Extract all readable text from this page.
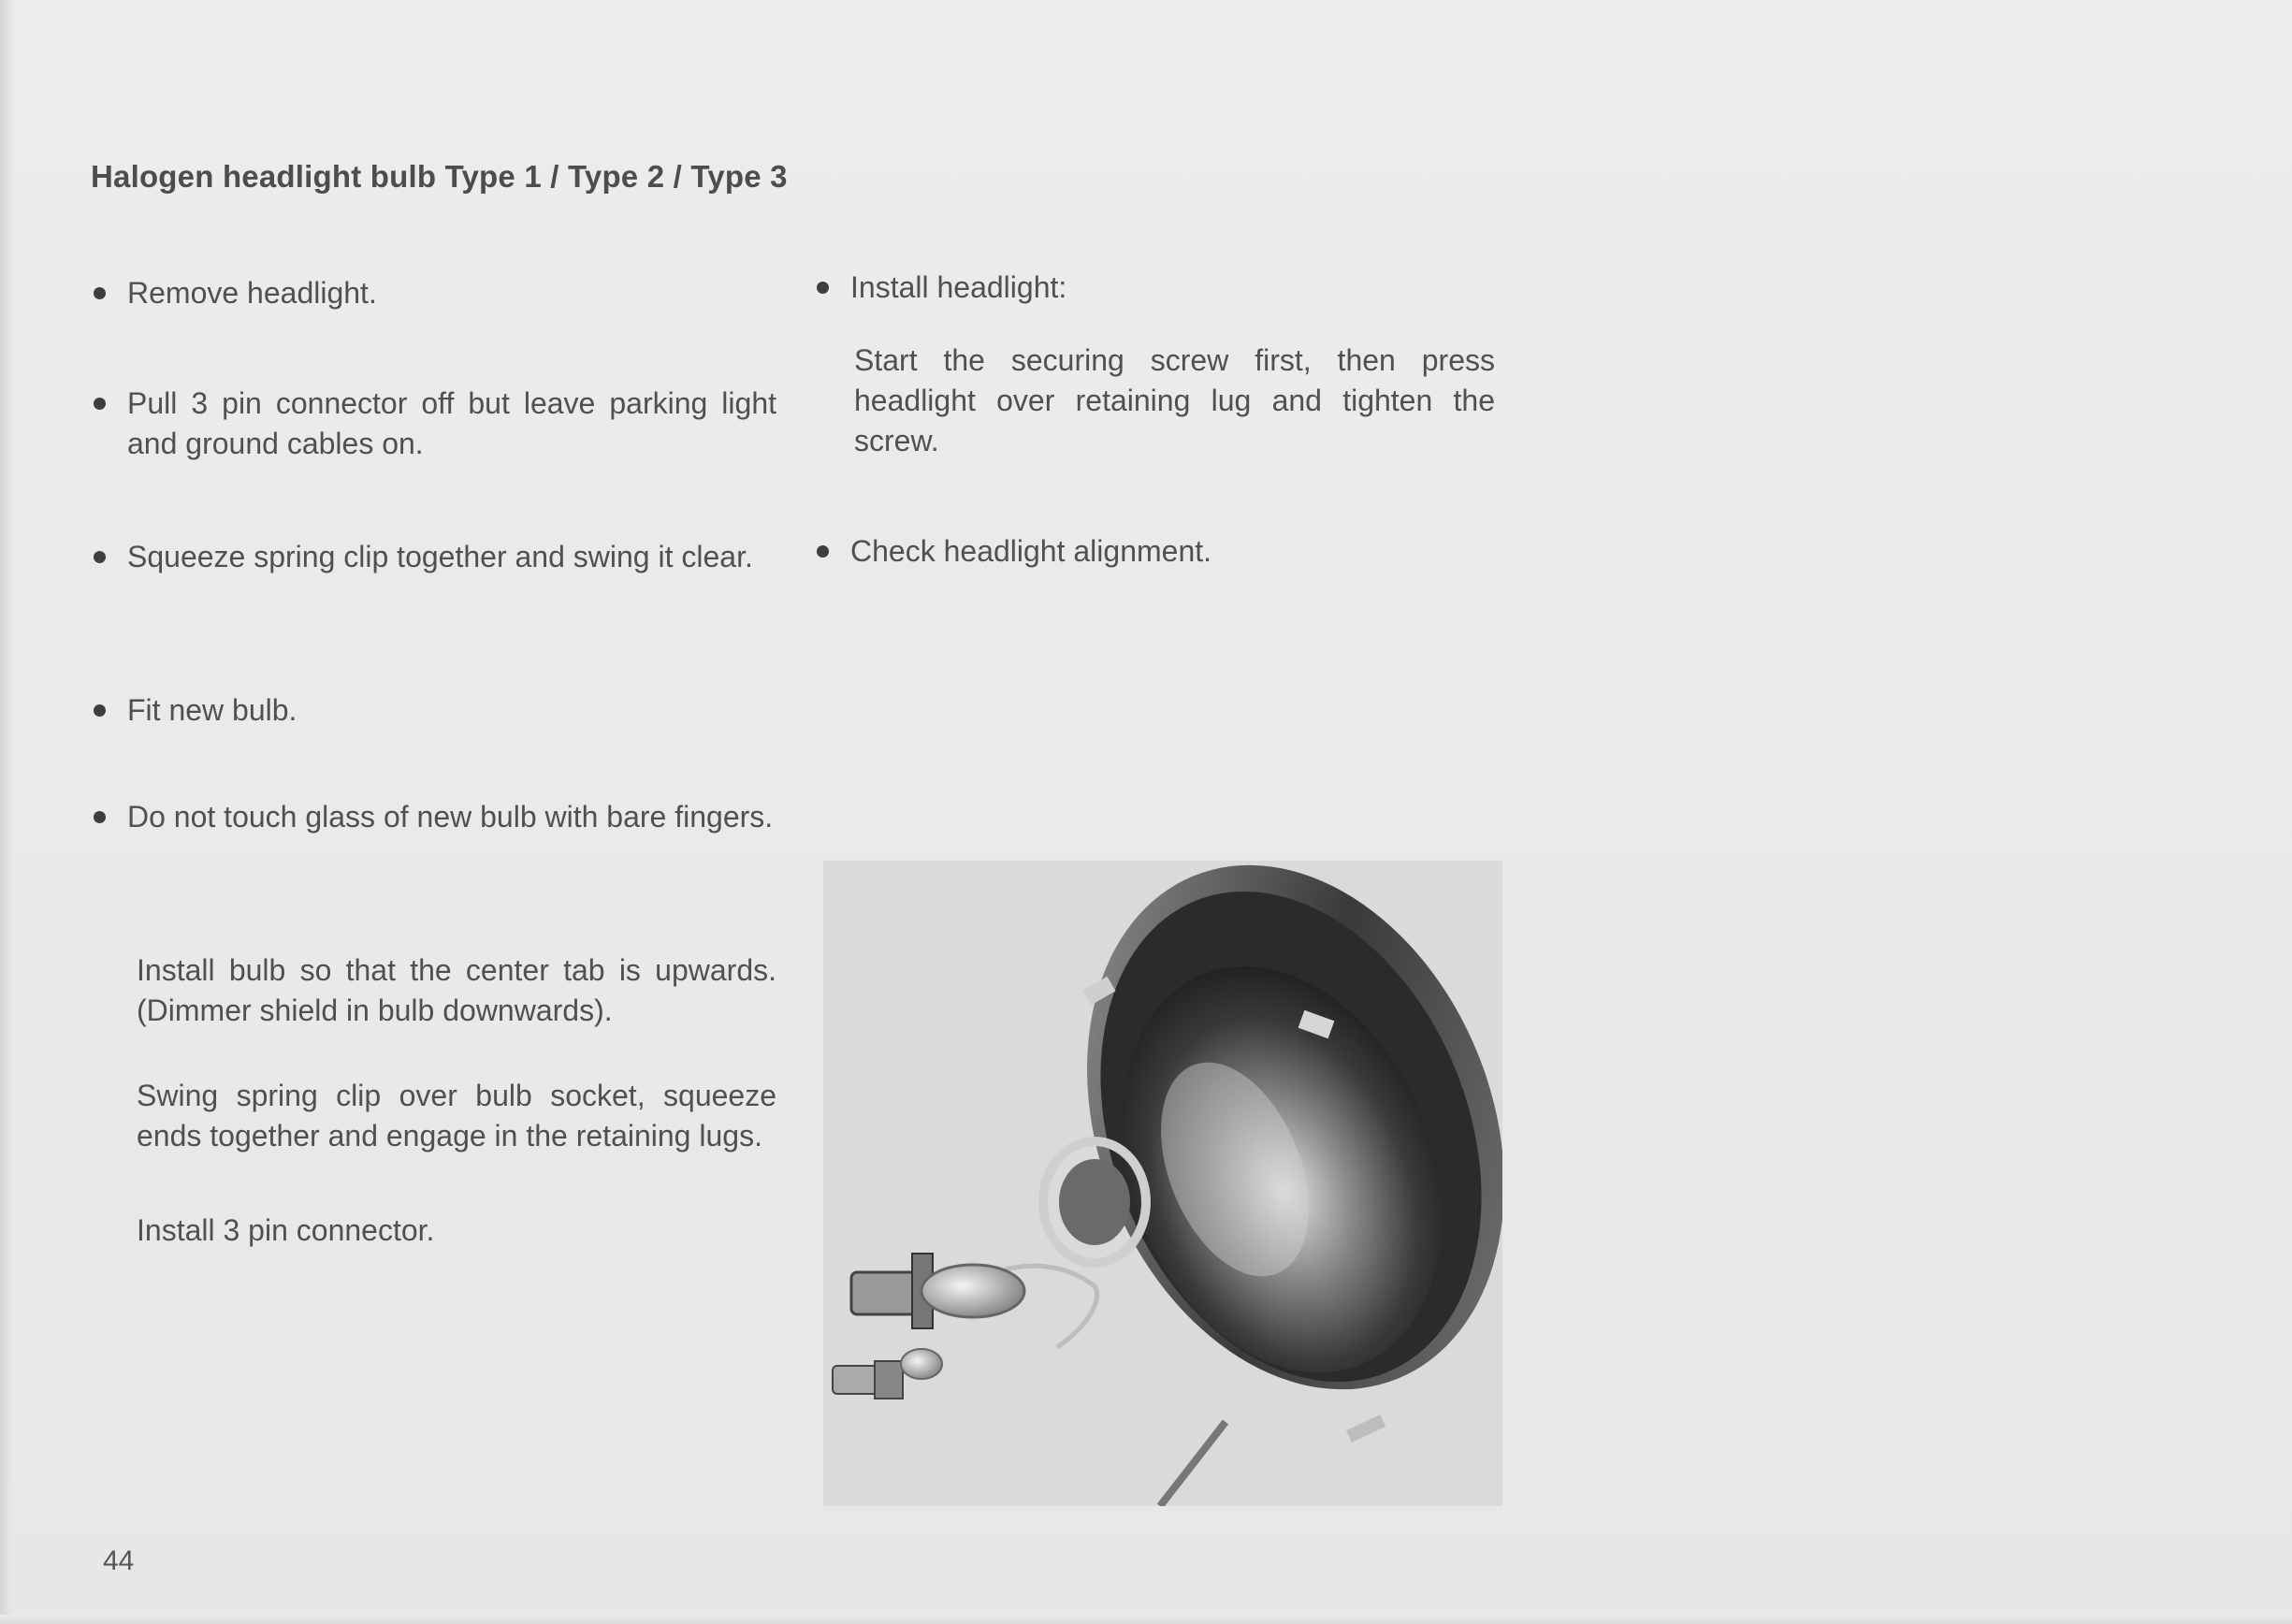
Halogen headlight bulb Type 1 / Type 2 / Type 3
Remove headlight.
Pull 3 pin connector off but leave parking light and ground cables on.
Squeeze spring clip together and swing it clear.
Fit new bulb.
Do not touch glass of new bulb with bare fingers.
Install bulb so that the center tab is upwards. (Dimmer shield in bulb downwards).
Swing spring clip over bulb socket, squeeze ends together and engage in the retaining lugs.
Install 3 pin connector.
Install headlight:
Start the securing screw first, then press headlight over retaining lug and tighten the screw.
Check headlight alignment.
44
